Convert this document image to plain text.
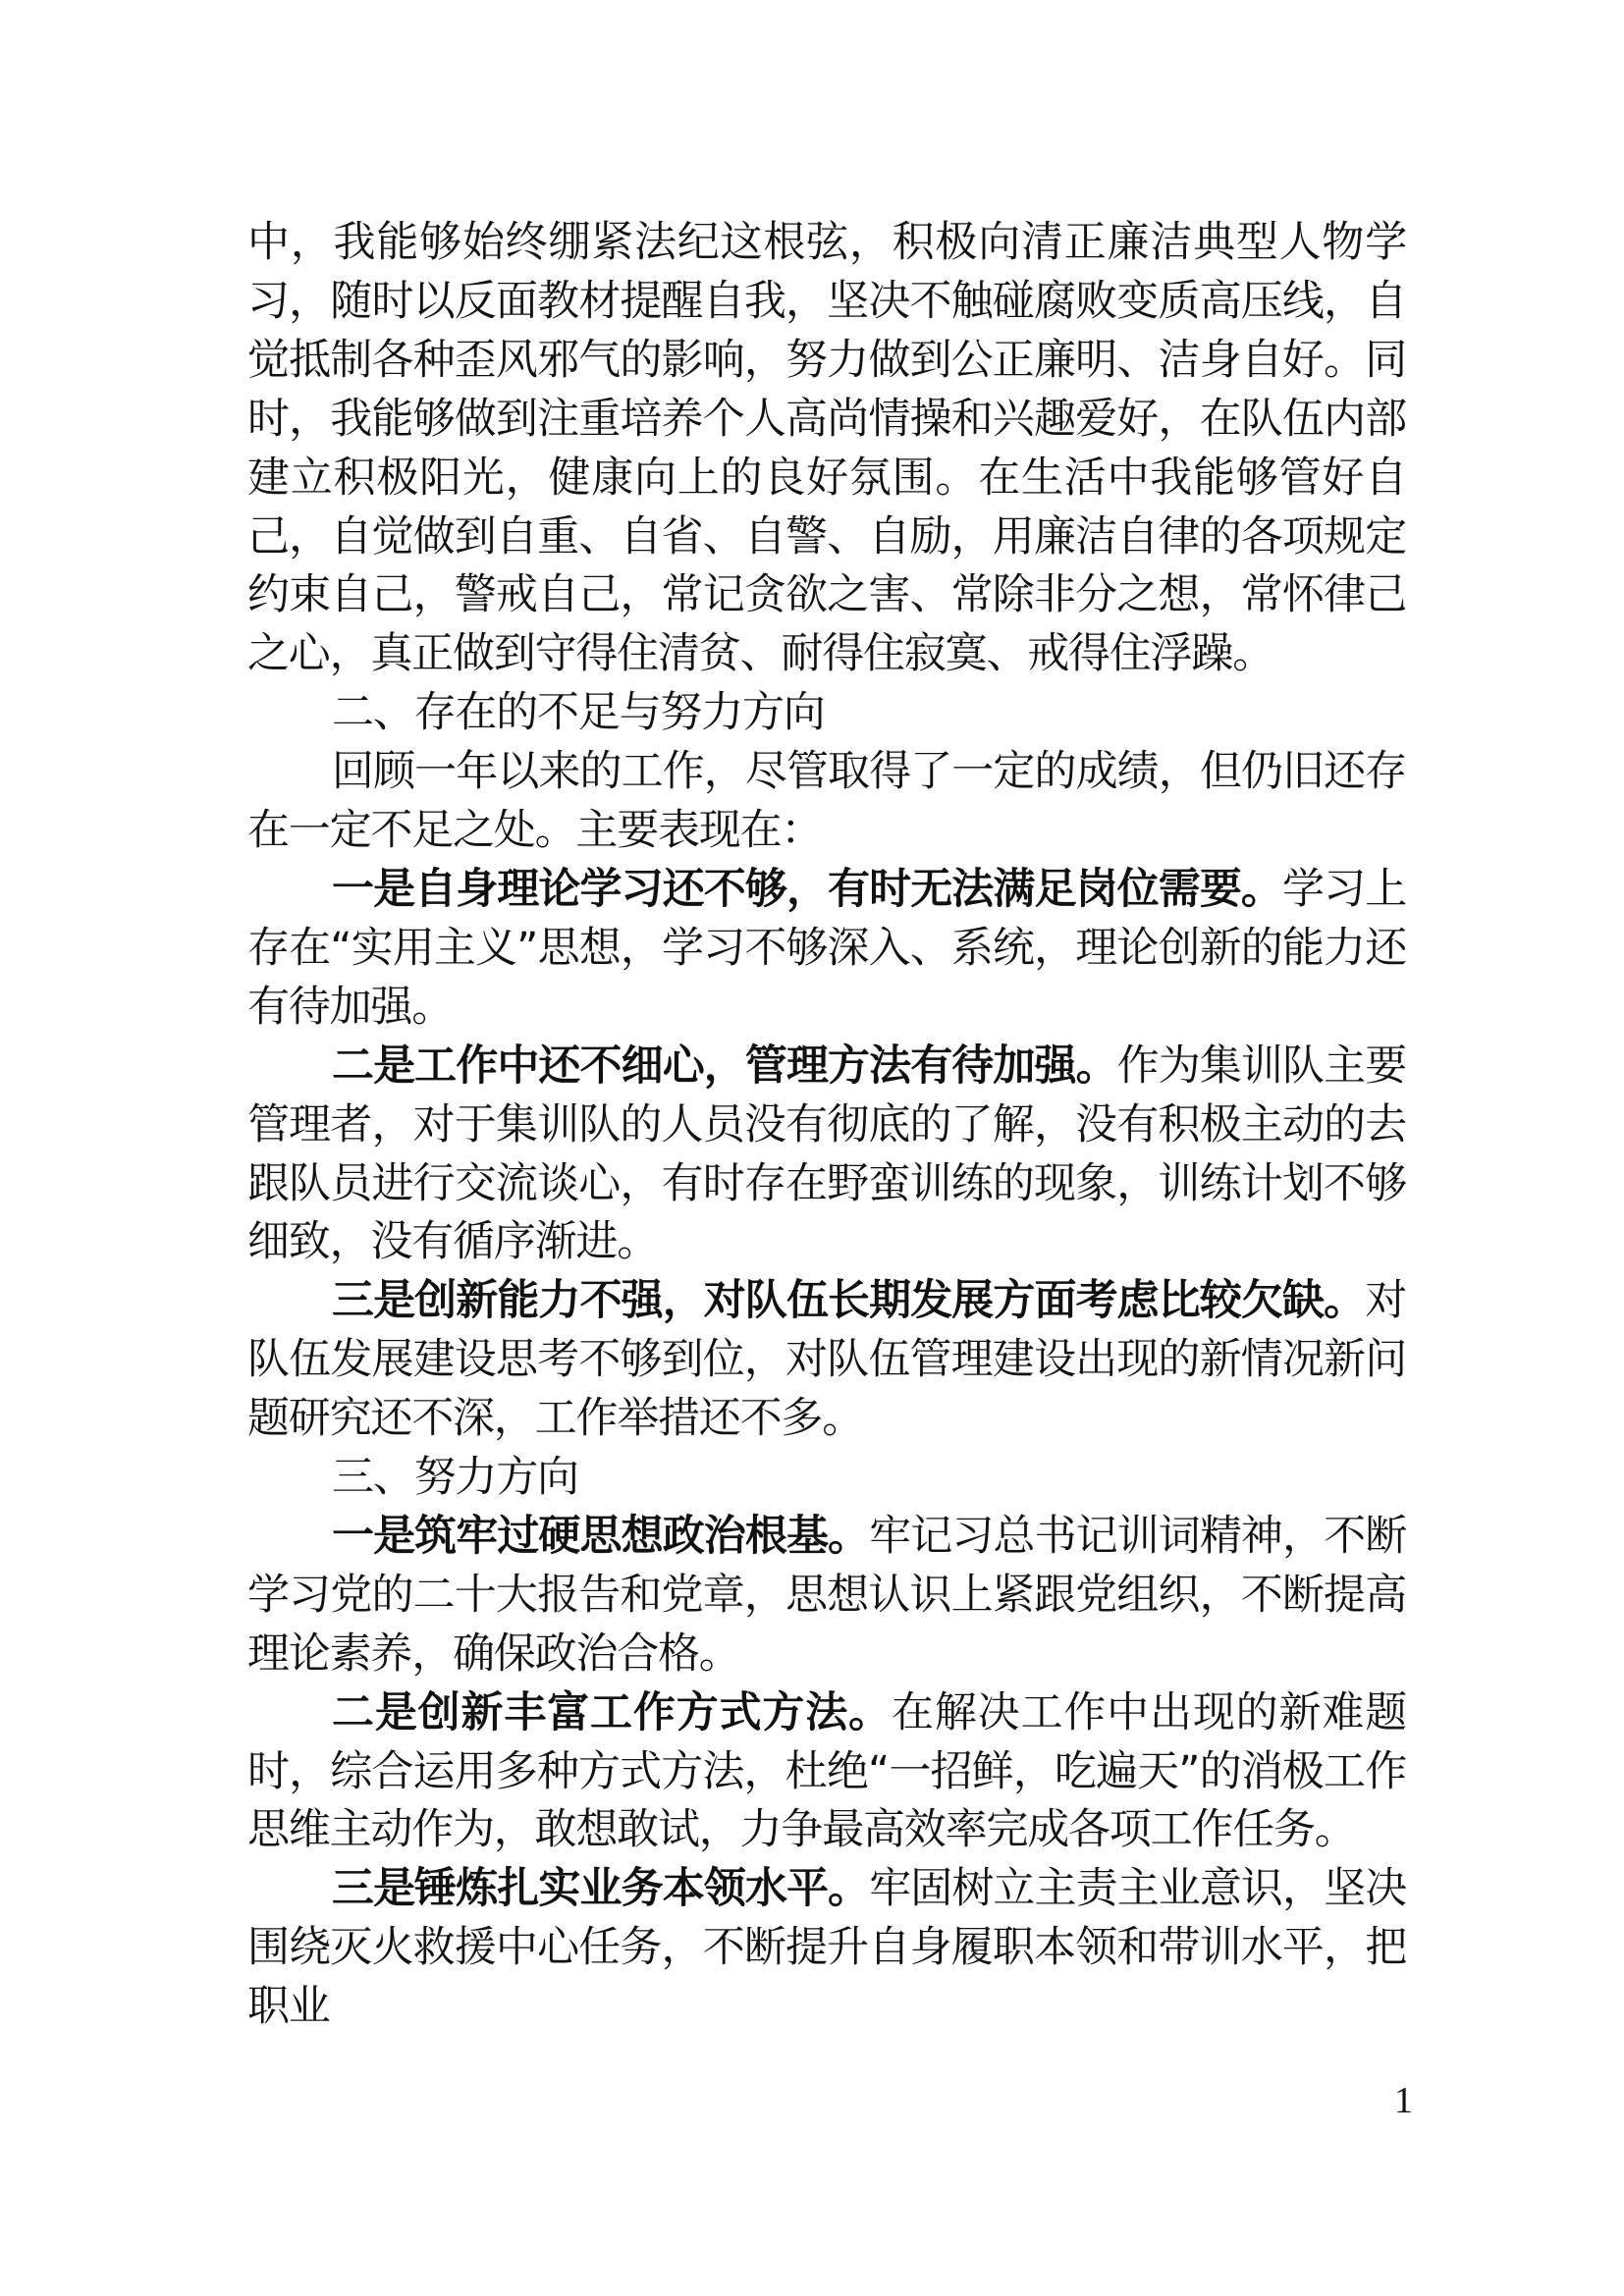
中，我能够始终绷紧法纪这根弦，积极向清正廉洁典型人物学习，随时以反面教材提醒自我，坚决不触碰腐败变质高压线，自觉抵制各种歪风邪气的影响，努力做到公正廉明、洁身自好。同时，我能够做到注重培养个人高尚情操和兴趣爱好，在队伍内部建立积极阳光，健康向上的良好氛围。在生活中我能够管好自己，自觉做到自重、自省、自警、自励，用廉洁自律的各项规定约束自己，警戒自己，常记贪欲之害、常除非分之想，常怀律己之心，真正做到守得住清贫、耐得住寂寞、戒得住浮躁。

二、存在的不足与努力方向

回顾一年以来的工作，尽管取得了一定的成绩，但仍旧还存在一定不足之处。主要表现在：

一是自身理论学习还不够，有时无法满足岗位需要。学习上存在“实用主义”思想，学习不够深入、系统，理论创新的能力还有待加强。

二是工作中还不细心，管理方法有待加强。作为集训队主要管理者，对于集训队的人员没有彻底的了解，没有积极主动的去跟队员进行交流谈心，有时存在野蛮训练的现象，训练计划不够细致，没有循序渐进。

三是创新能力不强，对队伍长期发展方面考虑比较欠缺。对队伍发展建设思考不够到位，对队伍管理建设出现的新情况新问题研究还不深，工作举措还不多。

三、努力方向

一是筑牢过硬思想政治根基。牢记习总书记训词精神，不断学习党的二十大报告和党章，思想认识上紧跟党组织，不断提高理论素养，确保政治合格。

二是创新丰富工作方式方法。在解决工作中出现的新难题时，综合运用多种方式方法，杜绝“一招鲜，吃遍天”的消极工作思维主动作为，敢想敢试，力争最高效率完成各项工作任务。

三是锤炼扎实业务本领水平。牢固树立主责主业意识，坚决围绕灭火救援中心任务，不断提升自身履职本领和带训水平，把职业

1
